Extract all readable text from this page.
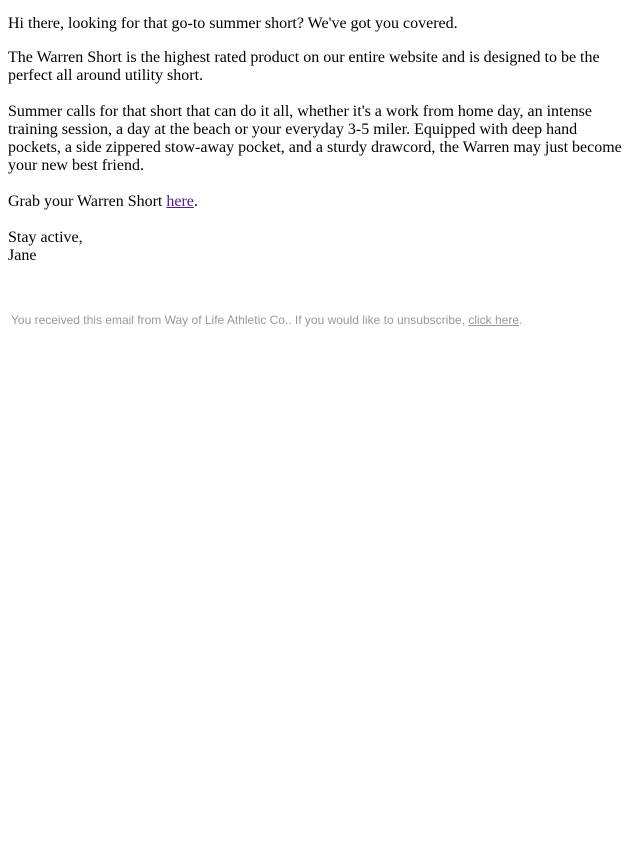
Hi there, looking for that go-to summer short? We've got you covered.

The Warren Short is the highest rated product on our entire website and is designed to be the perfect all around utility short.

Summer calls for that short that can do it all, whether it's a work from home day, an intense training session, a day at the beach or your everyday 3-5 miler. Equipped with deep hand pockets, a side zippered stow-away pocket, and a sturdy drawcord, the Warren may just become your new best friend.

Grab your Warren Short here.

Stay active,

Jane

You received this email from Way of Life Athletic Co.. If you would like to unsubscribe, click here.
